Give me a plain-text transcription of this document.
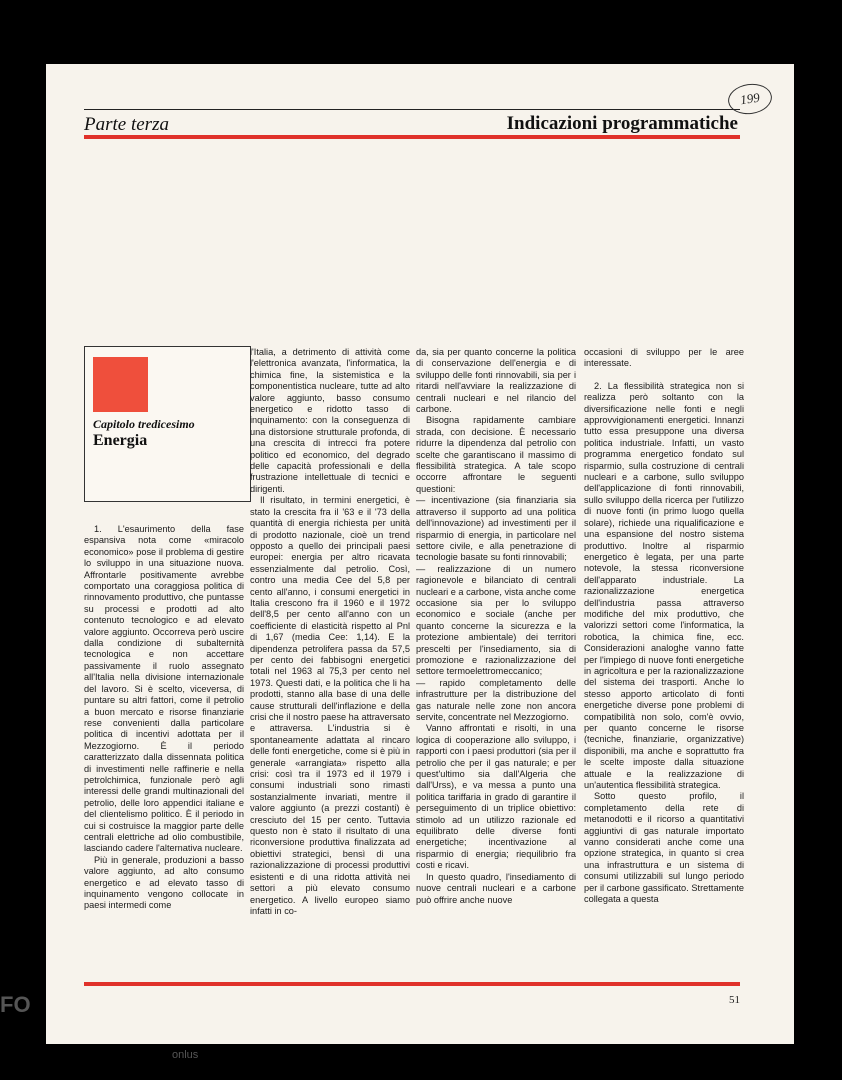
199
Parte terza	Indicazioni programmatiche
Capitolo tredicesimo
Energia

1. L'esaurimento della fase espansiva nota come «miracolo economico» pose il problema di gestire lo sviluppo in una situazione nuova. Affrontarle positivamente avrebbe comportato una coraggiosa politica di rinnovamento produttivo, che puntasse su processi e prodotti ad alto contenuto tecnologico e ad elevato valore aggiunto. Occorreva però uscire dalla condizione di subalternità tecnologica e non accettare passivamente il ruolo assegnato all'Italia nella divisione internazionale del lavoro. Si è scelto, viceversa, di puntare su altri fattori, come il petrolio a buon mercato e risorse finanziarie rese convenienti dalla particolare politica di incentivi adottata per il Mezzogiorno. È il periodo caratterizzato dalla dissennata politica di investimenti nelle raffinerie e nella petrolchimica, funzionale però agli interessi delle grandi multinazionali del petrolio, delle loro appendici italiane e del clientelismo politico. È il periodo in cui si costruisce la maggior parte delle centrali elettriche ad olio combustibile, lasciando cadere l'alternativa nucleare.

Più in generale, produzioni a basso valore aggiunto, ad alto consumo energetico e ad elevato tasso di inquinamento vengono collocate in paesi intermedi come

l'Italia, a detrimento di attività come l'elettronica avanzata, l'informatica, la chimica fine, la sistemistica e la componentistica nucleare, tutte ad alto valore aggiunto, basso consumo energetico e ridotto tasso di inquinamento: con la conseguenza di una distorsione strutturale profonda, di una crescita di intrecci fra potere politico ed economico, del degrado delle capacità professionali e della frustrazione intellettuale di tecnici e dirigenti.

Il risultato, in termini energetici, è stato la crescita fra il '63 e il '73 della quantità di energia richiesta per unità di prodotto nazionale, cioè un trend opposto a quello dei principali paesi europei: energia per altro ricavata essenzialmente dal petrolio. Così, contro una media Cee del 5,8 per cento all'anno, i consumi energetici in Italia crescono fra il 1960 e il 1972 dell'8,5 per cento all'anno con un coefficiente di elasticità rispetto al Pnl di 1,67 (media Cee: 1,14). E la dipendenza petrolifera passa da 57,5 per cento dei fabbisogni energetici totali nel 1963 al 75,3 per cento nel 1973. Questi dati, e la politica che li ha prodotti, stanno alla base di una delle cause strutturali dell'inflazione e della crisi che il nostro paese ha attraversato e attraversa. L'industria si è spontaneamente adattata al rincaro delle fonti energetiche, come si è più in generale «arrangiata» rispetto alla crisi: così tra il 1973 ed il 1979 i consumi industriali sono rimasti sostanzialmente invariati, mentre il valore aggiunto (a prezzi costanti) è cresciuto del 15 per cento. Tuttavia questo non è stato il risultato di una riconversione produttiva finalizzata ad obiettivi strategici, bensì di una razionalizzazione di processi produttivi esistenti e di una ridotta attività nei settori a più elevato consumo energetico. A livello europeo siamo infatti in co-

da, sia per quanto concerne la politica di conservazione dell'energia e di sviluppo delle fonti rinnovabili, sia per i ritardi nell'avviare la realizzazione di centrali nucleari e nel rilancio del carbone.

Bisogna rapidamente cambiare strada, con decisione. È necessario ridurre la dipendenza dal petrolio con scelte che garantiscano il massimo di flessibilità strategica. A tale scopo occorre affrontare le seguenti questioni:

— incentivazione (sia finanziaria sia attraverso il supporto ad una politica dell'innovazione) ad investimenti per il risparmio di energia, in particolare nel settore civile, e alla penetrazione di tecnologie basate su fonti rinnovabili;

— realizzazione di un numero ragionevole e bilanciato di centrali nucleari e a carbone, vista anche come occasione sia per lo sviluppo economico e sociale (anche per quanto concerne la sicurezza e la protezione ambientale) dei territori prescelti per l'insediamento, sia di promozione e razionalizzazione del settore termoelettromeccanico;

— rapido completamento delle infrastrutture per la distribuzione del gas naturale nelle zone non ancora servite, concentrate nel Mezzogiorno.

Vanno affrontati e risolti, in una logica di cooperazione allo sviluppo, i rapporti con i paesi produttori (sia per il petrolio che per il gas naturale; e per quest'ultimo sia dall'Algeria che dall'Urss), e va messa a punto una politica tariffaria in grado di garantire il perseguimento di un triplice obiettivo: stimolo ad un utilizzo razionale ed equilibrato delle diverse fonti energetiche; incentivazione al risparmio di energia; riequilibrio fra costi e ricavi.

In questo quadro, l'insediamento di nuove centrali nucleari e a carbone può offrire anche nuove

occasioni di sviluppo per le aree interessate.

2. La flessibilità strategica non si realizza però soltanto con la diversificazione nelle fonti e negli approvvigionamenti energetici. Innanzi tutto essa presuppone una diversa politica industriale. Infatti, un vasto programma energetico fondato sul risparmio, sulla costruzione di centrali nucleari e a carbone, sullo sviluppo dell'applicazione di fonti rinnovabili, sullo sviluppo della ricerca per l'utilizzo di nuove fonti (in primo luogo quella solare), richiede una riqualificazione e una espansione del nostro sistema produttivo. Inoltre al risparmio energetico è legata, per una parte notevole, la stessa riconversione dell'apparato industriale. La razionalizzazione energetica dell'industria passa attraverso modifiche del mix produttivo, che valorizzi settori come l'informatica, la robotica, la chimica fine, ecc. Considerazioni analoghe vanno fatte per l'impiego di nuove fonti energetiche in agricoltura e per la razionalizzazione del sistema dei trasporti. Anche lo stesso apporto articolato di fonti energetiche diverse pone problemi di compatibilità non solo, com'è ovvio, per quanto concerne le risorse (tecniche, finanziarie, organizzative) disponibili, ma anche e soprattutto fra le scelte imposte dalla situazione attuale e la realizzazione di un'autentica flessibilità strategica.

Sotto questo profilo, il completamento della rete di metanodotti e il ricorso a quantitativi aggiuntivi di gas naturale importato vanno considerati anche come una opzione strategica, in quanto si crea una infrastruttura e un sistema di consumi utilizzabili sul lungo periodo per il carbone gassificato. Strettamente collegata a questa

51
FO
onlus
